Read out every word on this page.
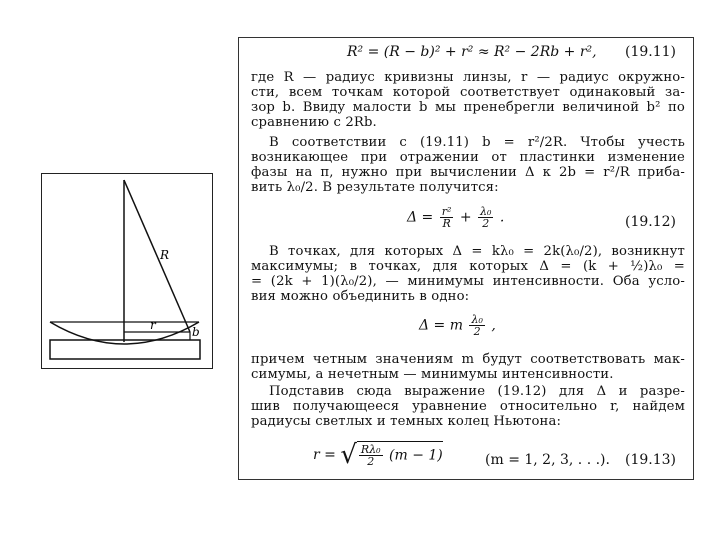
R
r	b
R² = (R − b)² + r² ≈ R² − 2Rb + r², (19.11)
где R — радиус кривизны линзы, r — радиус окружно-
сти, всем точкам которой соответствует одинаковый за-
зор b. Ввиду малости b мы пренебрегли величиной b² по
сравнению с 2Rb.
В соответствии с (19.11) b = r²/2R. Чтобы учесть
возникающее при отражении от пластинки изменение
фазы на π, нужно при вычислении Δ к 2b = r²/R приба-
вить λ₀/2. В результате получится:
$\Delta = \frac{\text{r²}}{R} + \frac{\text{λ₀}}{2}$ .	(19.12)
В точках, для которых Δ = kλ₀ = 2k(λ₀/2), возникнут
максимумы; в точках, для которых Δ = (k + ½)λ₀ =
= (2k + 1)(λ₀/2), — минимумы интенсивности. Оба усло-
вия можно объединить в одно:
Δ = m $\frac{\text{λ₀}}{2}$ ,
причем четным значениям m будут соответствовать мак-
симумы, а нечетным — минимумы интенсивности.
Подставив сюда выражение (19.12) для Δ и разре-
шив получающееся уравнение относительно r, найдем
радиусы светлых и темных колец Ньютона:
r = √ $\frac{\text{Rλ₀}}{2} (m - 1)$	(m = 1, 2, 3, . . .). (19.13)
